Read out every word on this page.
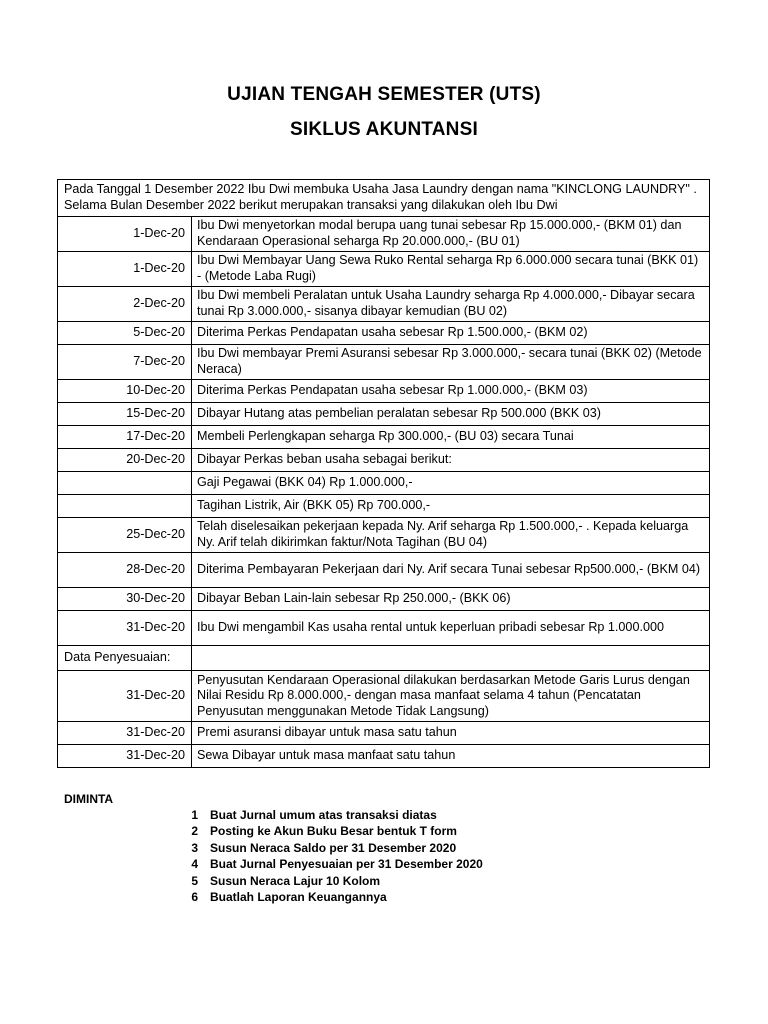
UJIAN TENGAH SEMESTER (UTS)
SIKLUS AKUNTANSI
Pada Tanggal 1 Desember 2022 Ibu Dwi membuka Usaha Jasa Laundry dengan nama "KINCLONG LAUNDRY" . Selama Bulan Desember 2022 berikut merupakan transaksi yang dilakukan oleh Ibu Dwi	
1-Dec-20	Ibu Dwi menyetorkan modal berupa uang tunai sebesar Rp 15.000.000,- (BKM 01) dan Kendaraan Operasional seharga Rp 20.000.000,- (BU 01)
1-Dec-20	Ibu Dwi Membayar Uang Sewa Ruko Rental seharga Rp 6.000.000 secara tunai (BKK 01) - (Metode Laba Rugi)
2-Dec-20	Ibu Dwi membeli Peralatan untuk Usaha Laundry seharga Rp 4.000.000,- Dibayar secara tunai Rp 3.000.000,- sisanya dibayar kemudian (BU 02)
5-Dec-20	Diterima Perkas Pendapatan usaha sebesar Rp 1.500.000,- (BKM 02)
7-Dec-20	Ibu Dwi membayar Premi Asuransi sebesar Rp 3.000.000,- secara tunai (BKK 02) (Metode Neraca)
10-Dec-20	Diterima Perkas Pendapatan usaha sebesar Rp 1.000.000,- (BKM 03)
15-Dec-20	Dibayar Hutang atas pembelian peralatan sebesar Rp 500.000 (BKK 03)
17-Dec-20	Membeli Perlengkapan seharga Rp 300.000,- (BU 03) secara Tunai
20-Dec-20	Dibayar Perkas beban usaha sebagai berikut:
	Gaji Pegawai (BKK 04) Rp 1.000.000,-
	Tagihan Listrik, Air (BKK 05) Rp 700.000,-
25-Dec-20	Telah diselesaikan pekerjaan kepada Ny. Arif seharga Rp 1.500.000,- . Kepada keluarga Ny. Arif telah dikirimkan faktur/Nota Tagihan (BU 04)
28-Dec-20	Diterima Pembayaran Pekerjaan dari Ny. Arif secara Tunai sebesar Rp500.000,- (BKM 04)
30-Dec-20	Dibayar Beban Lain-lain sebesar Rp 250.000,- (BKK 06)
31-Dec-20	Ibu Dwi mengambil Kas usaha rental untuk keperluan pribadi sebesar Rp 1.000.000
Data Penyesuaian:	
31-Dec-20	Penyusutan Kendaraan Operasional dilakukan berdasarkan Metode Garis Lurus dengan Nilai Residu Rp 8.000.000,- dengan masa manfaat selama 4 tahun (Pencatatan Penyusutan menggunakan Metode Tidak Langsung)
31-Dec-20	Premi asuransi dibayar untuk masa satu tahun
31-Dec-20	Sewa Dibayar untuk masa manfaat satu tahun
DIMINTA
1 Buat Jurnal umum atas transaksi diatas
2 Posting ke Akun Buku Besar bentuk T form
3 Susun Neraca Saldo per 31 Desember 2020
4 Buat Jurnal Penyesuaian per 31 Desember 2020
5 Susun Neraca Lajur 10 Kolom
6 Buatlah Laporan Keuangannya
